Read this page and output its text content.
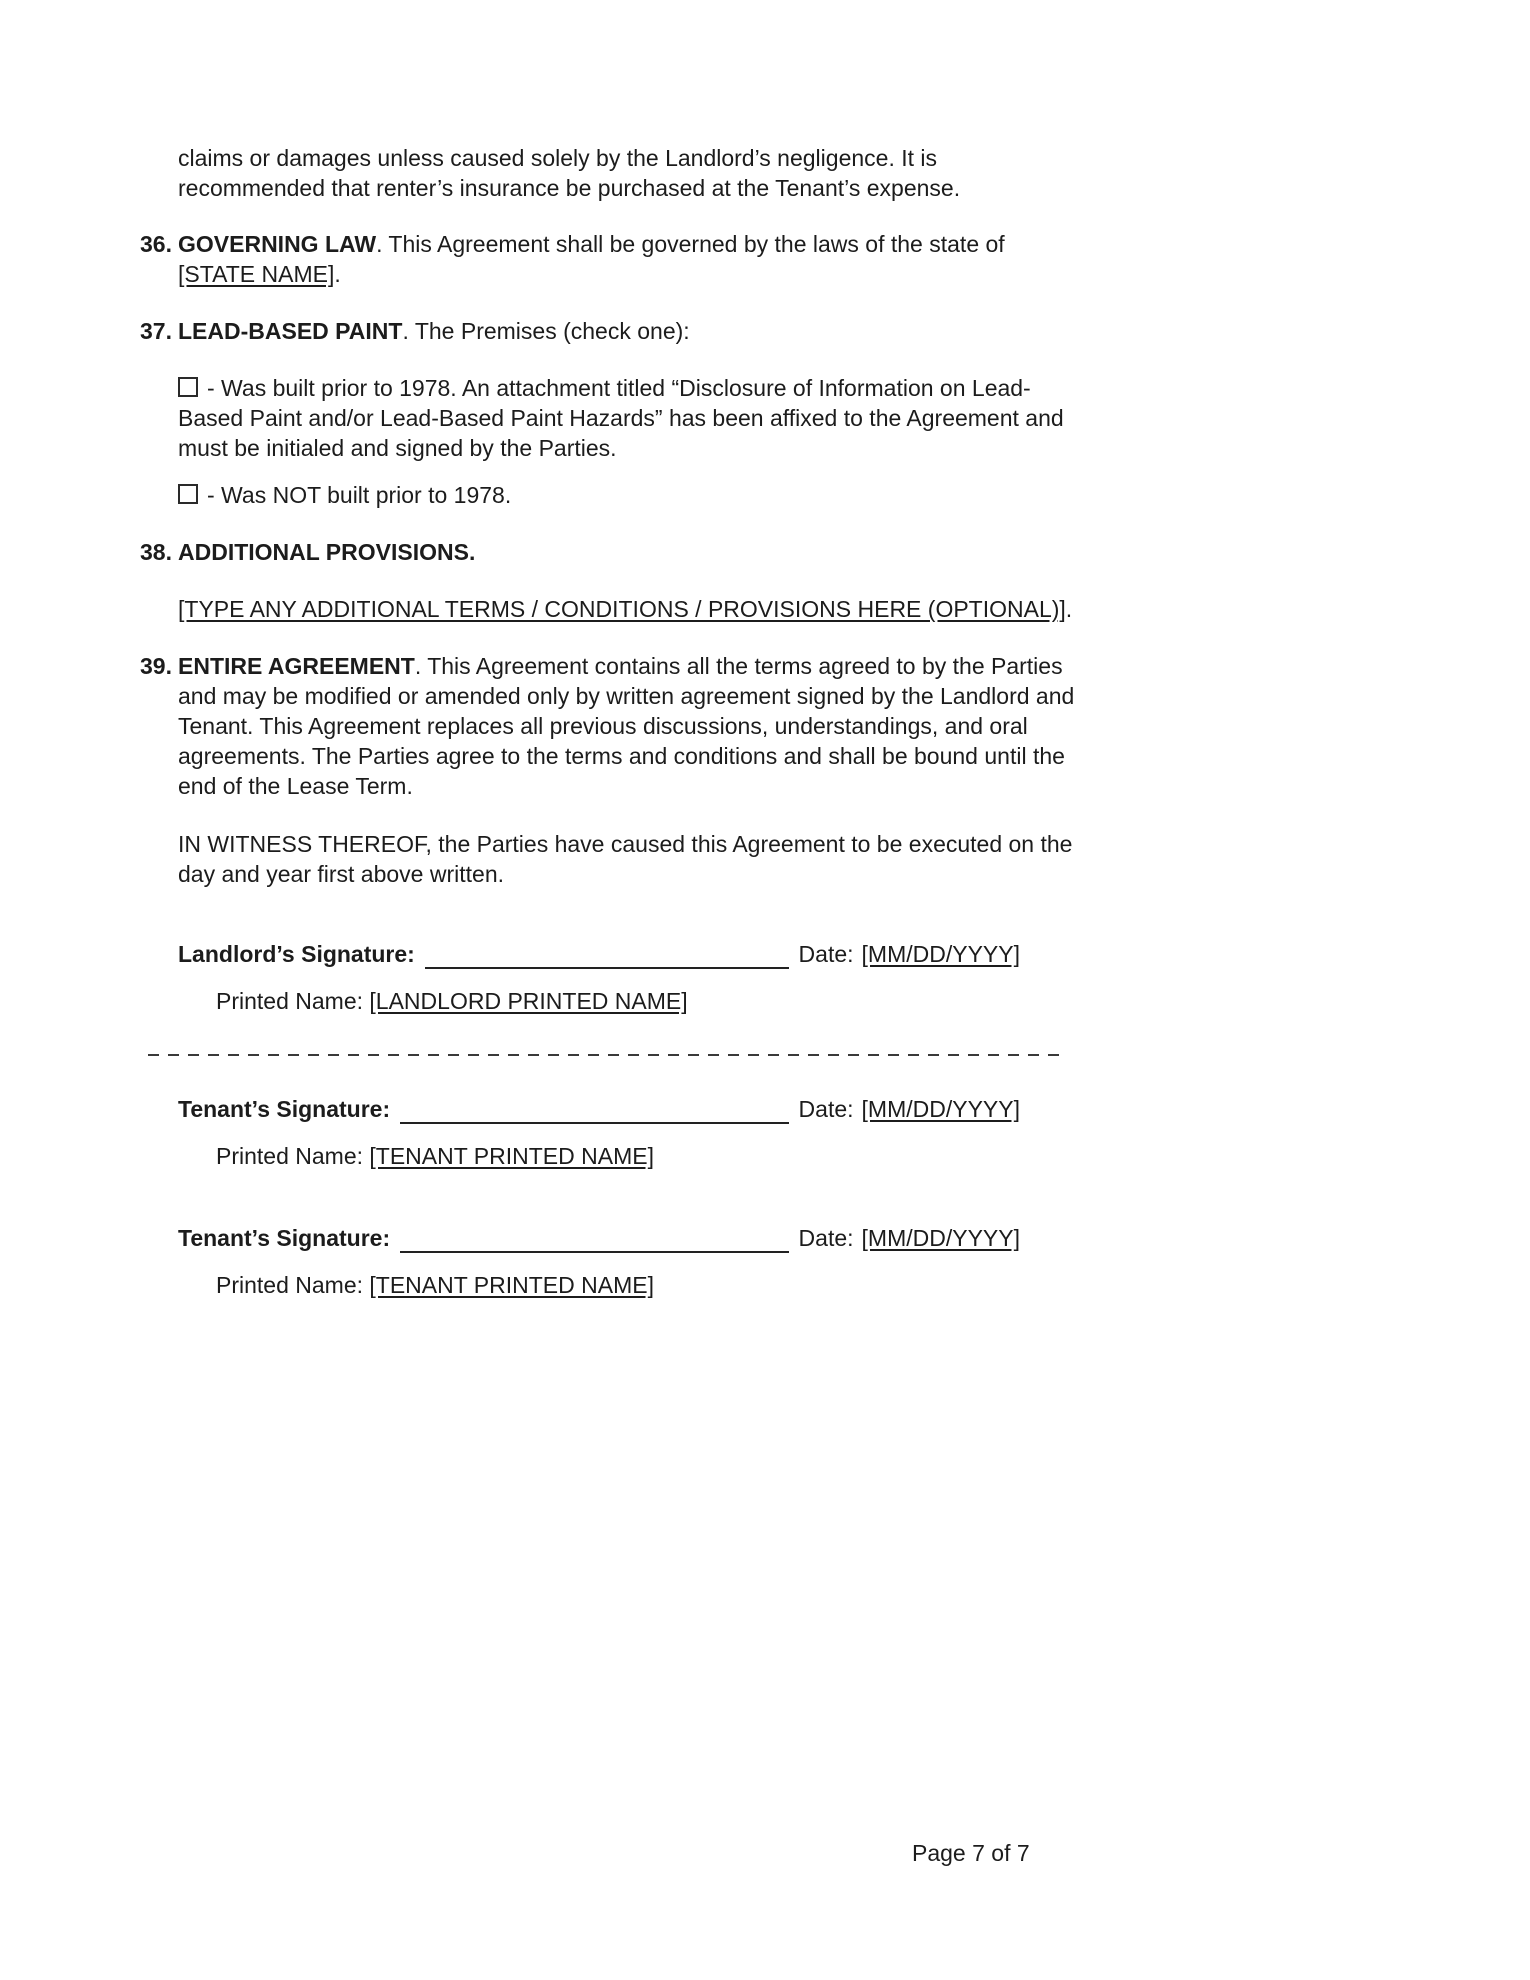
claims or damages unless caused solely by the Landlord’s negligence. It is recommended that renter’s insurance be purchased at the Tenant’s expense.

36. GOVERNING LAW. This Agreement shall be governed by the laws of the state of [STATE NAME].

37. LEAD-BASED PAINT. The Premises (check one):

- Was built prior to 1978. An attachment titled “Disclosure of Information on Lead-Based Paint and/or Lead-Based Paint Hazards” has been affixed to the Agreement and must be initialed and signed by the Parties.

- Was NOT built prior to 1978.

38. ADDITIONAL PROVISIONS.

[TYPE ANY ADDITIONAL TERMS / CONDITIONS / PROVISIONS HERE (OPTIONAL)].

39. ENTIRE AGREEMENT. This Agreement contains all the terms agreed to by the Parties and may be modified or amended only by written agreement signed by the Landlord and Tenant. This Agreement replaces all previous discussions, understandings, and oral agreements. The Parties agree to the terms and conditions and shall be bound until the end of the Lease Term.

IN WITNESS THEREOF, the Parties have caused this Agreement to be executed on the day and year first above written.

Landlord’s Signature:	Date: [MM/DD/YYYY]

Printed Name: [LANDLORD PRINTED NAME]

Tenant’s Signature:	Date: [MM/DD/YYYY]

Printed Name: [TENANT PRINTED NAME]

Tenant’s Signature:	Date: [MM/DD/YYYY]

Printed Name: [TENANT PRINTED NAME]

Page 7 of 7
